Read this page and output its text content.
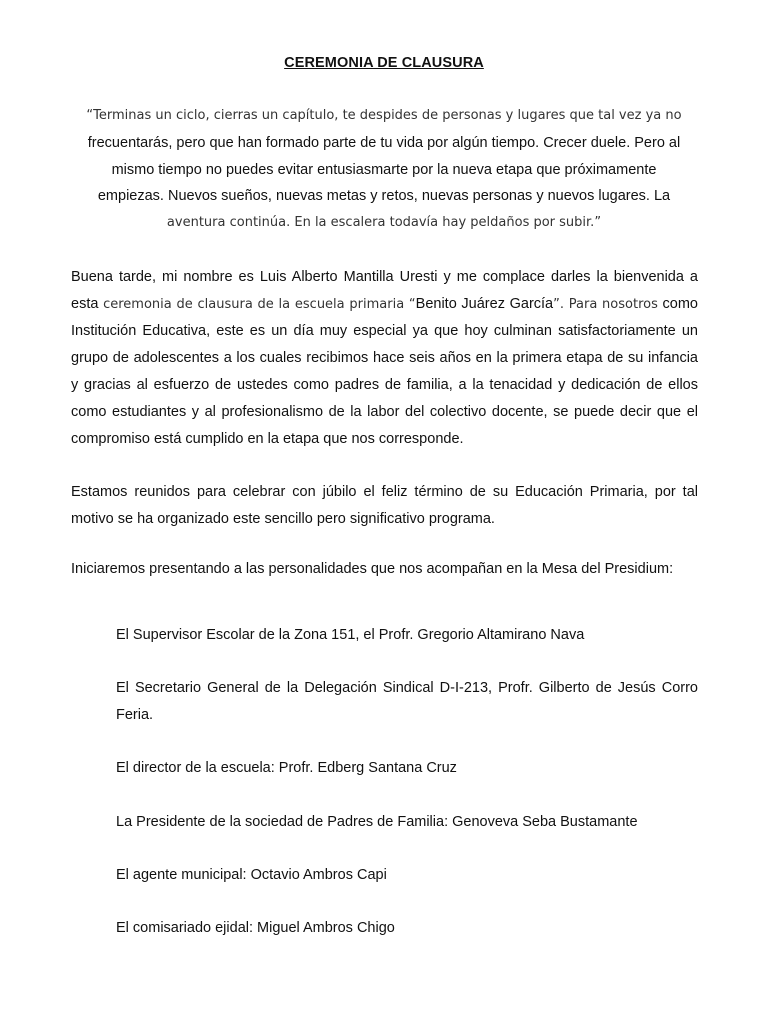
CEREMONIA DE CLAUSURA
“Terminas un ciclo, cierras un capítulo, te despides de personas y lugares que tal vez ya no
frecuentarás, pero que han formado parte de tu vida por algún tiempo. Crecer duele. Pero al
mismo tiempo no puedes evitar entusiasmarte por la nueva etapa que próximamente
empiezas. Nuevos sueños, nuevas metas y retos, nuevas personas y nuevos lugares. La
aventura continúa. En la escalera todavía hay peldaños por subir.”
Buena tarde, mi nombre es Luis Alberto Mantilla Uresti y me complace darles la bienvenida a esta ceremonia de clausura de la escuela primaria “Benito Juárez García”. Para nosotros como Institución Educativa, este es un día muy especial ya que hoy culminan satisfactoriamente un grupo de adolescentes a los cuales recibimos hace seis años en la primera etapa de su infancia y gracias al esfuerzo de ustedes como padres de familia, a la tenacidad y dedicación de ellos como estudiantes y al profesionalismo de la labor del colectivo docente, se puede decir que el compromiso está cumplido en la etapa que nos corresponde.
Estamos reunidos para celebrar con júbilo el feliz término de su Educación Primaria, por tal motivo se ha organizado este sencillo pero significativo programa.
Iniciaremos presentando a las personalidades que nos acompañan en la Mesa del Presidium:
El Supervisor Escolar de la Zona 151, el Profr. Gregorio Altamirano Nava
El Secretario General de la Delegación Sindical D-I-213, Profr. Gilberto de Jesús Corro Feria.
El director de la escuela: Profr. Edberg Santana Cruz
La Presidente de la sociedad de Padres de Familia: Genoveva Seba Bustamante
El agente municipal: Octavio Ambros Capi
El comisariado ejidal: Miguel Ambros Chigo
